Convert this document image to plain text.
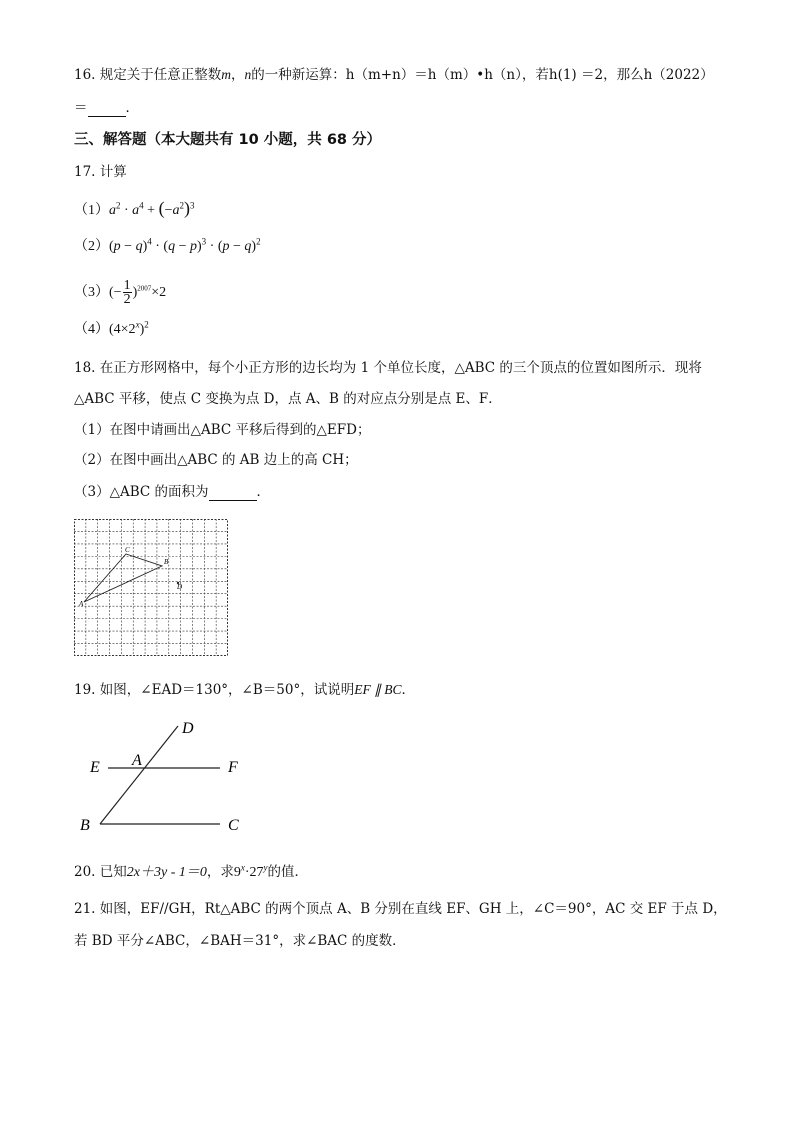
16. 规定关于任意正整数m，n的一种新运算：h（m+n）＝h（m）•h（n），若h(1) ＝2，那么h（2022）
＝	．
三、解答题（本大题共有 10 小题，共 68 分）
17. 计算
$(1)a^2 \cdot a^4 + (-a^2)^3$
$(2)(p - q)^4 \cdot (q - p)^3 \cdot (p - q)^2$
$(3)(- \frac{1}{2} )^{2007}\times 2$
$(4)(4\times 2^x)^2$
18. 在正方形网格中，每个小正方形的边长均为 1 个单位长度，△ABC 的三个顶点的位置如图所示．现将
△ABC 平移，使点 C 变换为点 D，点 A、B 的对应点分别是点 E、F．
（1）在图中请画出△ABC 平移后得到的△EFD；
（2）在图中画出△ABC 的 AB 边上的高 CH；
（3）△ABC 的面积为	．
A
C
B
D
19. 如图，∠EAD＝130°，∠B＝50°，试说明EF ∥ BC．
D
A
E	F
B	C
20. 已知2x＋3y - 1＝0，求$9^x\cdot 27^y$的值．
21. 如图，EF//GH，Rt△ABC 的两个顶点 A、B 分别在直线 EF、GH 上，∠C＝90°，AC 交 EF 于点 D，
若 BD 平分∠ABC，∠BAH＝31°，求∠BAC 的度数．
